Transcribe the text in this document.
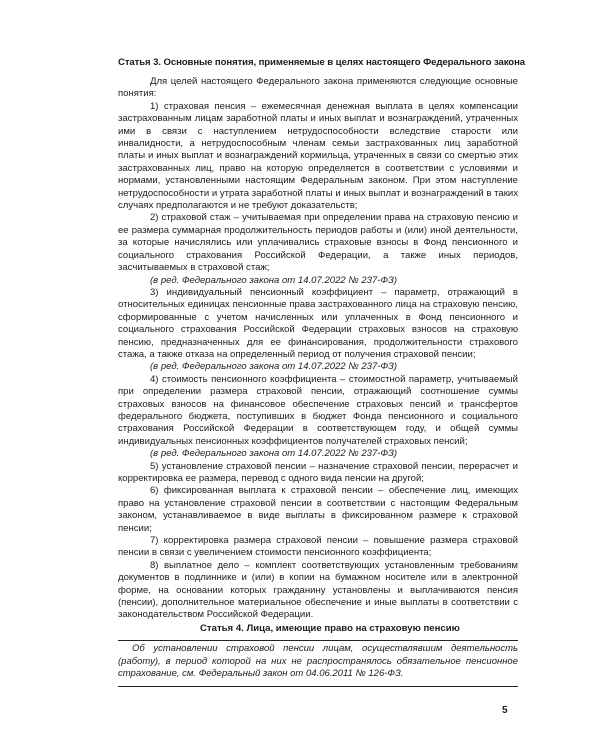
Статья 3. Основные понятия, применяемые в целях настоящего Федерального закона

Для целей настоящего Федерального закона применяются следующие основные понятия:

1) страховая пенсия – ежемесячная денежная выплата в целях компенсации застрахованным лицам заработной платы и иных выплат и вознаграждений, утраченных ими в связи с наступлением нетрудоспособности вследствие старости или инвалидности, а нетрудоспособным членам семьи застрахованных лиц заработной платы и иных выплат и вознаграждений кормильца, утраченных в связи со смертью этих застрахованных лиц, право на которую определяется в соответствии с условиями и нормами, установленными настоящим Федеральным законом. При этом наступление нетрудоспособности и утрата заработной платы и иных выплат и вознаграждений в таких случаях предполагаются и не требуют доказательств;

2) страховой стаж – учитываемая при определении права на страховую пенсию и ее размера суммарная продолжительность периодов работы и (или) иной деятельности, за которые начислялись или уплачивались страховые взносы в Фонд пенсионного и социального страхования Российской Федерации, а также иных периодов, засчитываемых в страховой стаж;

(в ред. Федерального закона от 14.07.2022 № 237-ФЗ)

3) индивидуальный пенсионный коэффициент – параметр, отражающий в относительных единицах пенсионные права застрахованного лица на страховую пенсию, сформированные с учетом начисленных или уплаченных в Фонд пенсионного и социального страхования Российской Федерации страховых взносов на страховую пенсию, предназначенных для ее финансирования, продолжительности страхового стажа, а также отказа на определенный период от получения страховой пенсии;

(в ред. Федерального закона от 14.07.2022 № 237-ФЗ)

4) стоимость пенсионного коэффициента – стоимостной параметр, учитываемый при определении размера страховой пенсии, отражающий соотношение суммы страховых взносов на финансовое обеспечение страховых пенсий и трансфертов федерального бюджета, поступивших в бюджет Фонда пенсионного и социального страхования Российской Федерации в соответствующем году, и общей суммы индивидуальных пенсионных коэффициентов получателей страховых пенсий;

(в ред. Федерального закона от 14.07.2022 № 237-ФЗ)

5) установление страховой пенсии – назначение страховой пенсии, перерасчет и корректировка ее размера, перевод с одного вида пенсии на другой;

6) фиксированная выплата к страховой пенсии – обеспечение лиц, имеющих право на установление страховой пенсии в соответствии с настоящим Федеральным законом, устанавливаемое в виде выплаты в фиксированном размере к страховой пенсии;

7) корректировка размера страховой пенсии – повышение размера страховой пенсии в связи с увеличением стоимости пенсионного коэффициента;

8) выплатное дело – комплект соответствующих установленным требованиям документов в подлиннике и (или) в копии на бумажном носителе или в электронной форме, на основании которых гражданину установлены и выплачиваются пенсия (пенсии), дополнительное материальное обеспечение и иные выплаты в соответствии с законодательством Российской Федерации.

Статья 4. Лица, имеющие право на страховую пенсию

Об установлении страховой пенсии лицам, осуществлявшим деятельность (работу), в период которой на них не распространялось обязательное пенсионное страхование, см. Федеральный закон от 04.06.2011 № 126-ФЗ.

5
